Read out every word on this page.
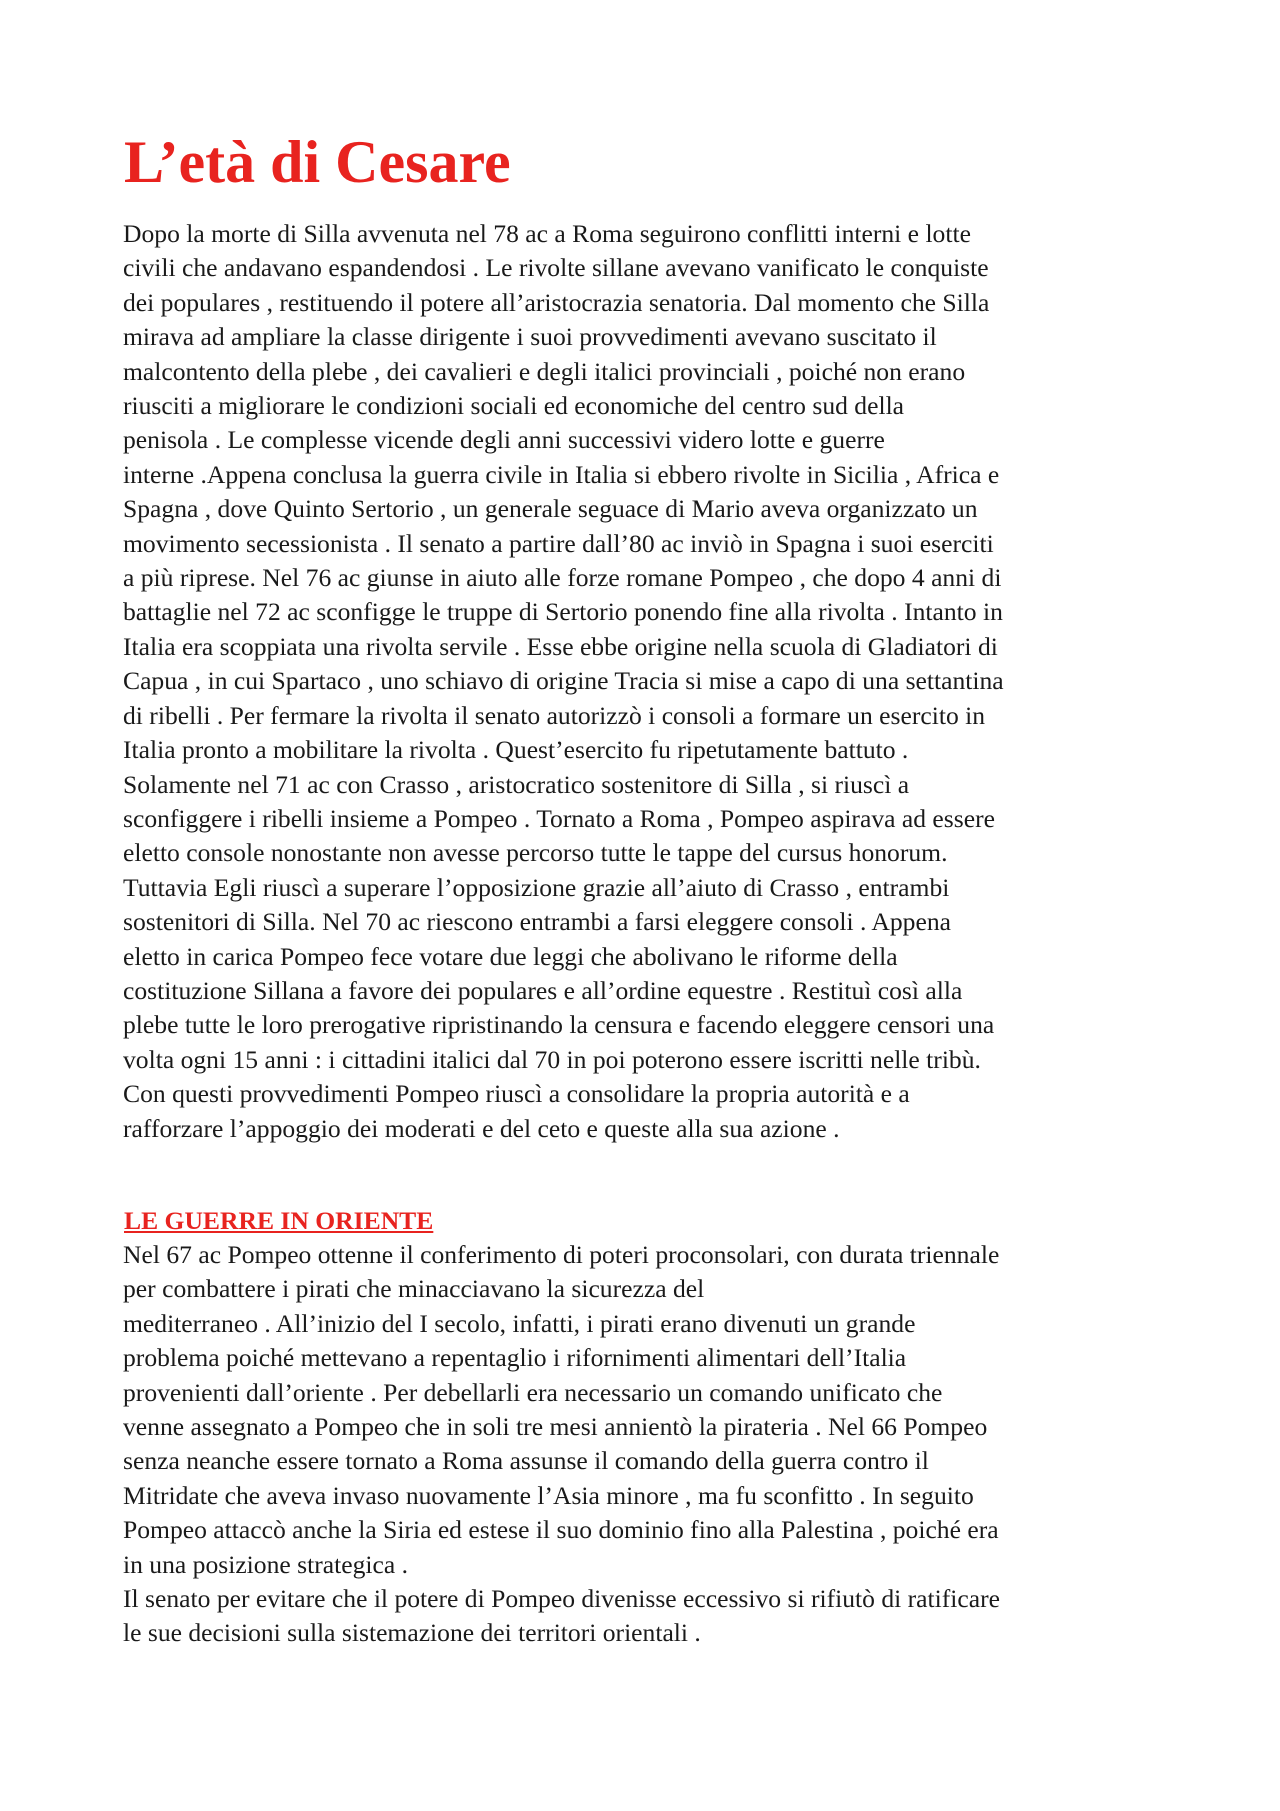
L’età di Cesare
Dopo la morte di Silla avvenuta nel 78 ac a Roma seguirono conflitti interni e lotte
civili che andavano espandendosi . Le rivolte sillane avevano vanificato le conquiste
dei populares , restituendo il potere all’aristocrazia senatoria. Dal momento che Silla
mirava ad ampliare la classe dirigente i suoi provvedimenti avevano suscitato il
malcontento della plebe , dei cavalieri e degli italici provinciali , poiché non erano
riusciti a migliorare le condizioni sociali ed economiche del centro sud della
penisola . Le complesse vicende degli anni successivi videro lotte e guerre
interne .Appena conclusa la guerra civile in Italia si ebbero rivolte in Sicilia , Africa e
Spagna , dove Quinto Sertorio , un generale seguace di Mario aveva organizzato un
movimento secessionista . Il senato a partire dall’80 ac inviò in Spagna i suoi eserciti
a più riprese. Nel 76 ac giunse in aiuto alle forze romane Pompeo , che dopo 4 anni di
battaglie nel 72 ac sconfigge le truppe di Sertorio ponendo fine alla rivolta . Intanto in
Italia era scoppiata una rivolta servile . Esse ebbe origine nella scuola di Gladiatori di
Capua , in cui Spartaco , uno schiavo di origine Tracia si mise a capo di una settantina
di ribelli . Per fermare la rivolta il senato autorizzò i consoli a formare un esercito in
Italia pronto a mobilitare la rivolta . Quest’esercito fu ripetutamente battuto .
Solamente nel 71 ac con Crasso , aristocratico sostenitore di Silla , si riuscì a
sconfiggere i ribelli insieme a Pompeo . Tornato a Roma , Pompeo aspirava ad essere
eletto console nonostante non avesse percorso tutte le tappe del cursus honorum.
Tuttavia Egli riuscì a superare l’opposizione grazie all’aiuto di Crasso , entrambi
sostenitori di Silla. Nel 70 ac riescono entrambi a farsi eleggere consoli . Appena
eletto in carica Pompeo fece votare due leggi che abolivano le riforme della
costituzione Sillana a favore dei populares e all’ordine equestre . Restituì così alla
plebe tutte le loro prerogative ripristinando la censura e facendo eleggere censori una
volta ogni 15 anni : i cittadini italici dal 70 in poi poterono essere iscritti nelle tribù.
Con questi provvedimenti Pompeo riuscì a consolidare la propria autorità e a
rafforzare l’appoggio dei moderati e del ceto e queste alla sua azione .
LE GUERRE IN ORIENTE
Nel 67 ac Pompeo ottenne il conferimento di poteri proconsolari, con durata triennale
per combattere i pirati che minacciavano la sicurezza del
mediterraneo . All’inizio del I secolo, infatti, i pirati erano divenuti un grande
problema poiché mettevano a repentaglio i rifornimenti alimentari dell’Italia
provenienti dall’oriente . Per debellarli era necessario un comando unificato che
venne assegnato a Pompeo che in soli tre mesi annientò la pirateria . Nel 66 Pompeo
senza neanche essere tornato a Roma assunse il comando della guerra contro il
Mitridate che aveva invaso nuovamente l’Asia minore , ma fu sconfitto . In seguito
Pompeo attaccò anche la Siria ed estese il suo dominio fino alla Palestina , poiché era
in una posizione strategica .
Il senato per evitare che il potere di Pompeo divenisse eccessivo si rifiutò di ratificare
le sue decisioni sulla sistemazione dei territori orientali .
